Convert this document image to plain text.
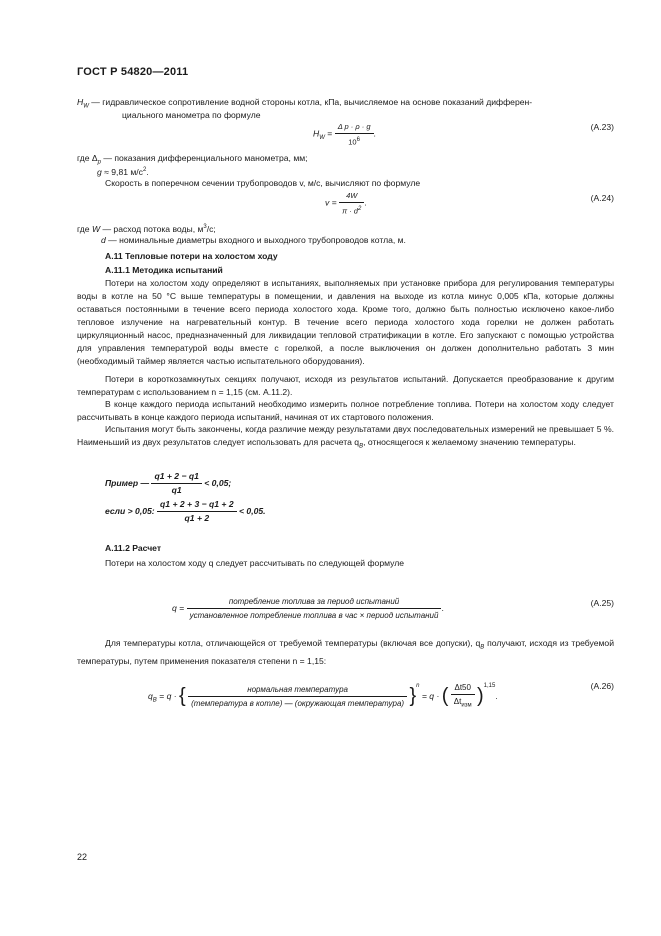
ГОСТ Р 54820—2011
$H_W$ — гидравлическое сопротивление водной стороны котла, кПа, вычисляемое на основе показаний дифферен-
циального манометра по формуле
$H_W = \frac{\text{Δ p · ρ · g}}{10^6}$ .
(А.23)
где $\Delta_p$ — показания дифференциального манометра, мм;
g ≈ 9,81 $м/с^2$.
Скорость в поперечном сечении трубопроводов v, м/с, вычисляют по формуле
$v = \frac{4W}{\pi \cdot d^2}$ .	(А.24)
где W — расход потока воды, $м^3/с$;
d — номинальные диаметры входного и выходного трубопроводов котла, м.
А.11 Тепловые потери на холостом ходу
А.11.1 Методика испытаний
Потери на холостом ходу определяют в испытаниях, выполняемых при установке прибора для регулирования температуры воды в котле на 50 °С выше температуры в помещении, и давления на выходе из котла минус 0,005 кПа, которые должны оставаться постоянными в течение всего периода холостого хода. Кроме того, должно быть полностью исключено какое-либо тепловое излучение на нагревательный контур. В течение всего периода холостого хода горелки не должен работать циркуляционный насос, предназначенный для ликвидации тепловой стратификации в котле. Его запускают с помощью устройства для управления температурой воды вместе с горелкой, а после выключения он должен дополнительно работать 3 мин (необходимый таймер является частью испытательного оборудования).
Потери в короткозамкнутых секциях получают, исходя из результатов испытаний. Допускается преобразование к другим температурам с использованием n = 1,15 (см. А.11.2).
В конце каждого периода испытаний необходимо измерить полное потребление топлива. Потери на холостом ходу следует рассчитывать в конце каждого периода испытаний, начиная от их стартового положения.
Испытания могут быть закончены, когда различие между результатами двух последовательных измерений не превышает 5 %. Наименьший из двух результатов следует использовать для расчета $q_B$, относящегося к желаемому значению температуры.
Пример — $\frac{q1 + 2 - q1}{q1} < 0,05$;
если > 0,05: $\frac{q1 + 2 + 3 - q1 + 2}{q1 + 2} < 0,05$.
А.11.2 Расчет
Потери на холостом ходу q следует рассчитывать по следующей формуле
$q = \frac{\text{потребление топлива за период испытаний}}{\text{установленное потребление топлива в час × период испытаний}}$ .	(А.25)
Для температуры котла, отличающейся от требуемой температуры (включая все допуски), $q_B$ получают, исходя из требуемой температуры, путем применения показателя степени n = 1,15:
$q_B = q$ · { $\frac{\text{нормальная температура}}{\text{(температура в котле) — (окружающая температура)}} \}^n = q$ · ( $\frac{\Delta t50}{\Delta t_{изм}} )^{1,15}$.
(А.26)
22
